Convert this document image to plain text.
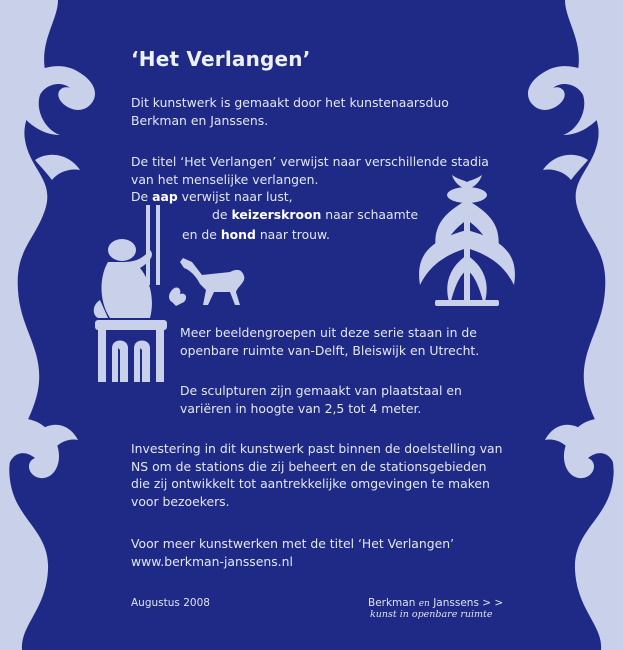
‘Het Verlangen’

Dit kunstwerk is gemaakt door het kunstenaarsduo

Berkman en Janssens.

De titel ‘Het Verlangen’ verwijst naar verschillende stadia

van het menselijke verlangen.

De aap verwijst naar lust,
de keizerskroon naar schaamte
en de hond naar trouw.

Meer beeldengroepen uit deze serie staan in de

openbare ruimte van-Delft, Bleiswijk en Utrecht.

De sculpturen zijn gemaakt van plaatstaal en

variëren in hoogte van 2,5 tot 4 meter.

Investering in dit kunstwerk past binnen de doelstelling van

NS om de stations die zij beheert en de stationsgebieden

die zij ontwikkelt tot aantrekkelijke omgevingen te maken

voor bezoekers.

Voor meer kunstwerken met de titel ‘Het Verlangen’

www.berkman-janssens.nl

Augustus 2008	Berkman en Janssens > >
kunst in openbare ruimte
